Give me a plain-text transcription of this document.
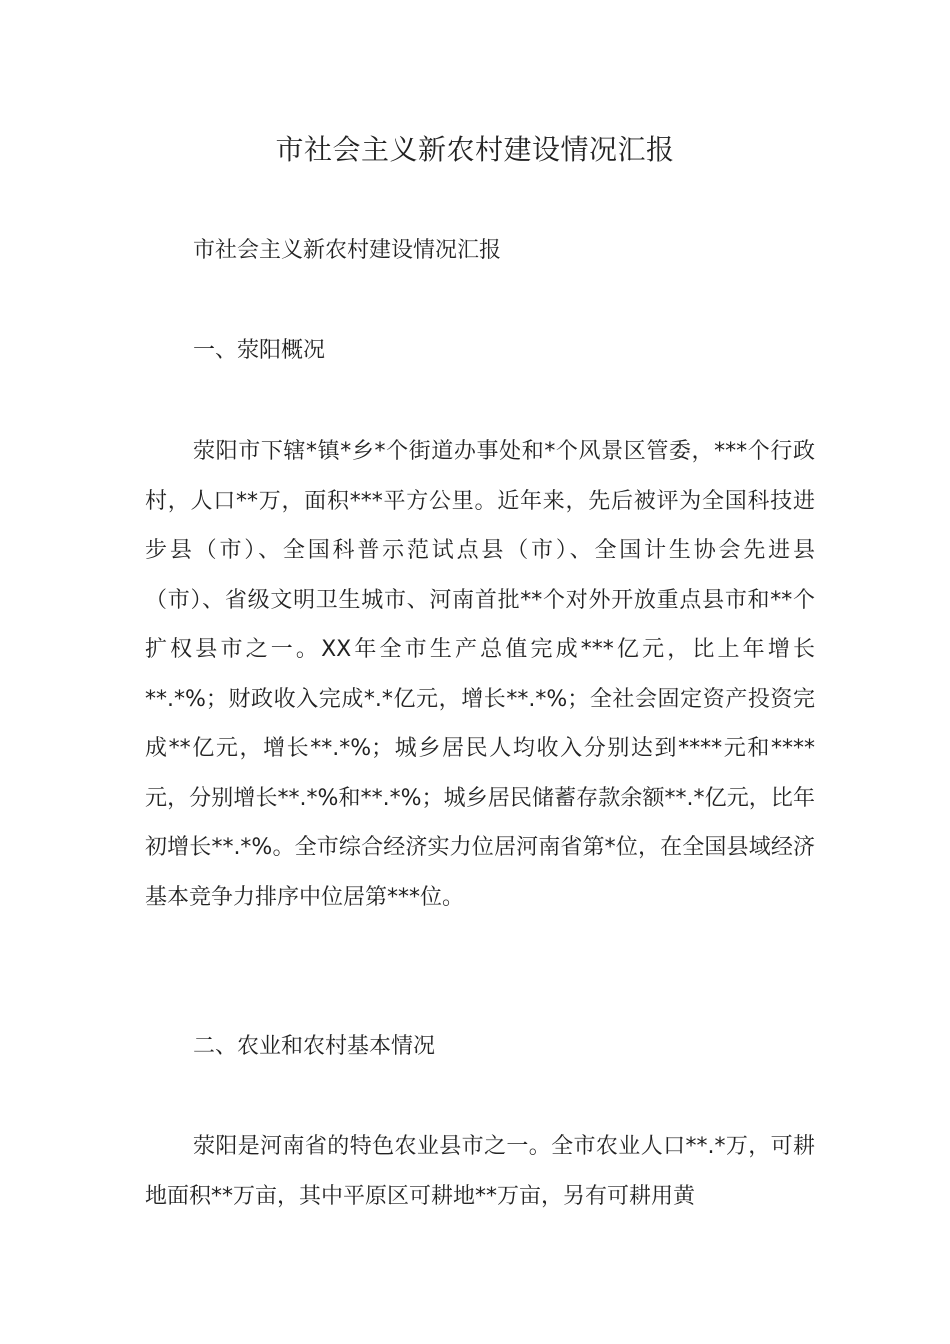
市社会主义新农村建设情况汇报

市社会主义新农村建设情况汇报

一、荥阳概况

荥阳市下辖*镇*乡*个街道办事处和*个风景区管委，***个行政村，人口**万，面积***平方公里。近年来，先后被评为全国科技进步县（市）、全国科普示范试点县（市）、全国计生协会先进县（市）、省级文明卫生城市、河南首批**个对外开放重点县市和**个扩权县市之一。XX年全市生产总值完成***亿元，比上年增长**.*%；财政收入完成*.*亿元，增长**.*%；全社会固定资产投资完成**亿元，增长**.*%；城乡居民人均收入分别达到****元和****元，分别增长**.*%和**.*%；城乡居民储蓄存款余额**.*亿元，比年初增长**.*%。全市综合经济实力位居河南省第*位，在全国县域经济基本竞争力排序中位居第***位。

二、农业和农村基本情况

荥阳是河南省的特色农业县市之一。全市农业人口**.*万，可耕地面积**万亩，其中平原区可耕地**万亩，另有可耕用黄
